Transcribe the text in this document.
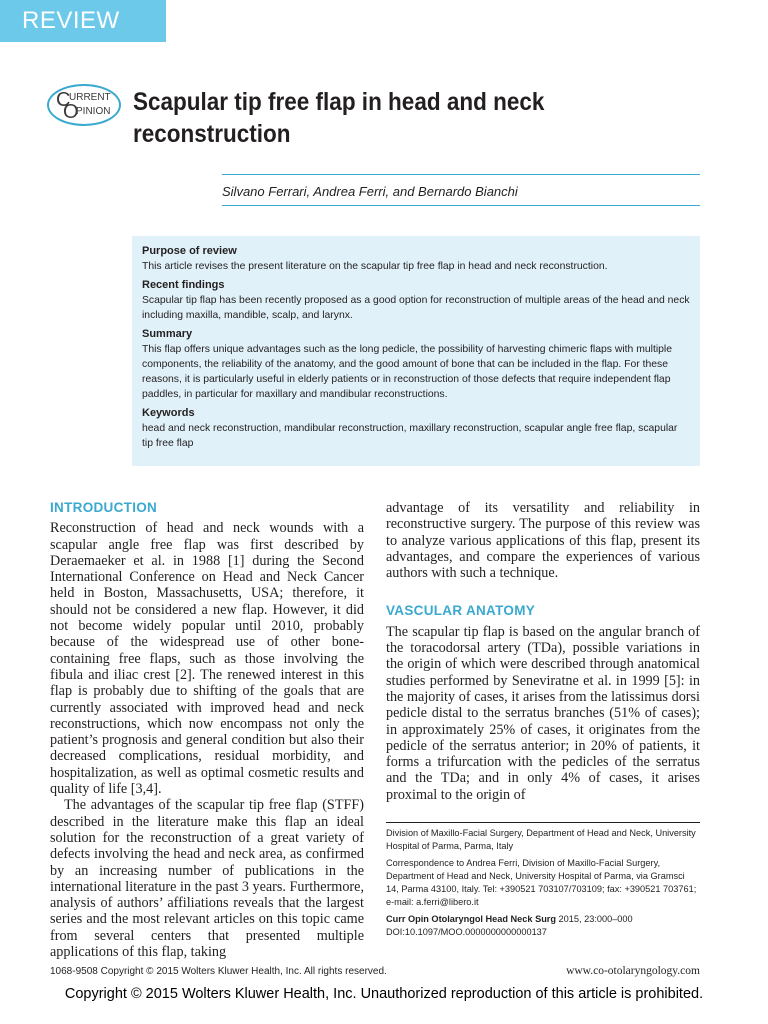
REVIEW
C
URRENT
O
PINION Scapular tip free flap in head and neck reconstruction
Silvano Ferrari, Andrea Ferri, and Bernardo Bianchi
Purpose of review

This article revises the present literature on the scapular tip free flap in head and neck reconstruction.

Recent findings

Scapular tip flap has been recently proposed as a good option for reconstruction of multiple areas of the head and neck including maxilla, mandible, scalp, and larynx.

Summary

This flap offers unique advantages such as the long pedicle, the possibility of harvesting chimeric flaps with multiple components, the reliability of the anatomy, and the good amount of bone that can be included in the flap. For these reasons, it is particularly useful in elderly patients or in reconstruction of those defects that require independent flap paddles, in particular for maxillary and mandibular reconstructions.

Keywords

head and neck reconstruction, mandibular reconstruction, maxillary reconstruction, scapular angle free flap, scapular tip free flap

INTRODUCTION

Reconstruction of head and neck wounds with a scapular angle free flap was first described by Deraemaeker et al. in 1988 [1] during the Second International Conference on Head and Neck Cancer held in Boston, Massachusetts, USA; therefore, it should not be considered a new flap. However, it did not become widely popular until 2010, probably because of the widespread use of other bone-containing free flaps, such as those involving the fibula and iliac crest [2]. The renewed interest in this flap is probably due to shifting of the goals that are currently associated with improved head and neck reconstructions, which now encompass not only the patient’s prognosis and general condition but also their decreased complications, residual morbidity, and hospitalization, as well as optimal cosmetic results and quality of life [3,4].

The advantages of the scapular tip free flap (STFF) described in the literature make this flap an ideal solution for the reconstruction of a great variety of defects involving the head and neck area, as confirmed by an increasing number of publications in the international literature in the past 3 years. Furthermore, analysis of authors’ affiliations reveals that the largest series and the most relevant articles on this topic came from several centers that presented multiple applications of this flap, taking

advantage of its versatility and reliability in reconstructive surgery. The purpose of this review was to analyze various applications of this flap, present its advantages, and compare the experiences of various authors with such a technique.

VASCULAR ANATOMY

The scapular tip flap is based on the angular branch of the toracodorsal artery (TDa), possible variations in the origin of which were described through anatomical studies performed by Seneviratne et al. in 1999 [5]: in the majority of cases, it arises from the latissimus dorsi pedicle distal to the serratus branches (51% of cases); in approximately 25% of cases, it originates from the pedicle of the serratus anterior; in 20% of patients, it forms a trifurcation with the pedicles of the serratus and the TDa; and in only 4% of cases, it arises proximal to the origin of

Division of Maxillo-Facial Surgery, Department of Head and Neck, University Hospital of Parma, Parma, Italy

Correspondence to Andrea Ferri, Division of Maxillo-Facial Surgery, Department of Head and Neck, University Hospital of Parma, via Gramsci 14, Parma 43100, Italy. Tel: +390521 703107/703109; fax: +390521 703761; e-mail: a.ferri@libero.it

Curr Opin Otolaryngol Head Neck Surg 2015, 23:000–000
DOI:10.1097/MOO.0000000000000137

1068-9508 Copyright © 2015 Wolters Kluwer Health, Inc. All rights reserved.	www.co-otolaryngology.com
Copyright © 2015 Wolters Kluwer Health, Inc. Unauthorized reproduction of this article is prohibited.
